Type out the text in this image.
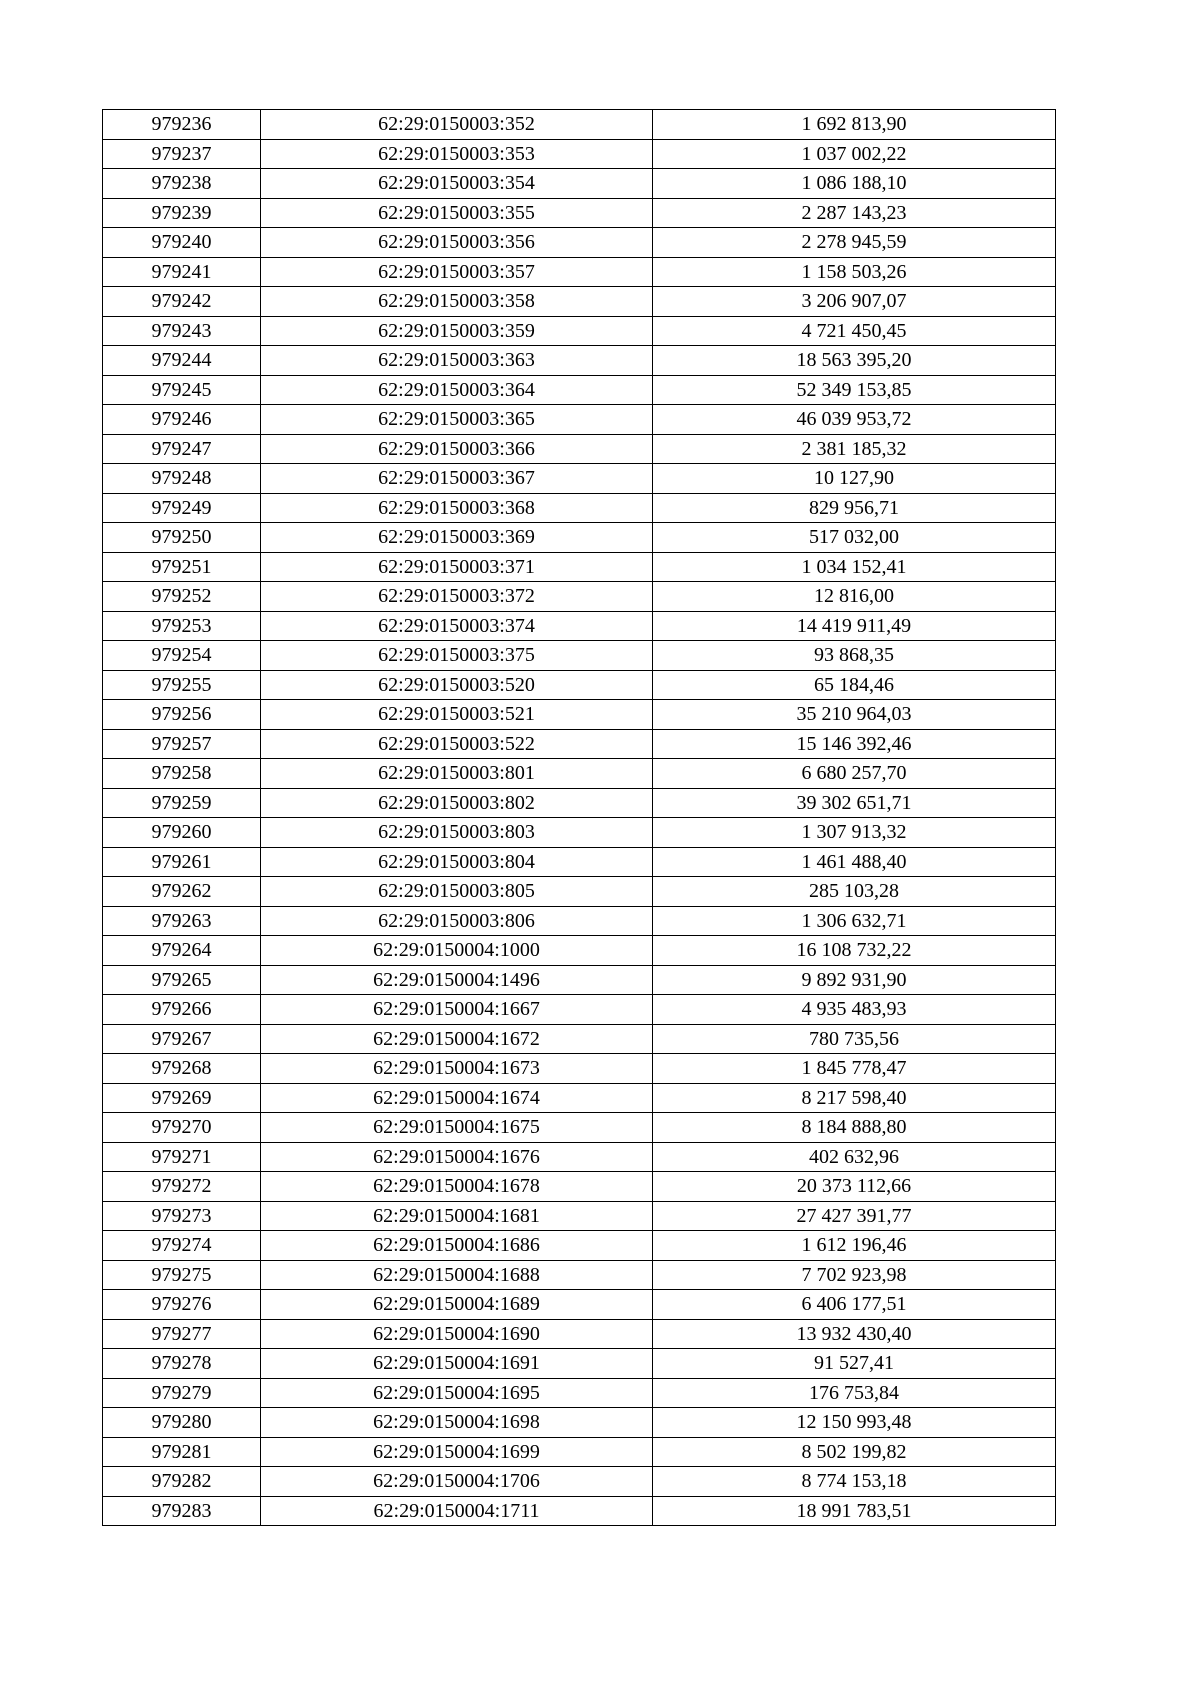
979236	62:29:0150003:352	1 692 813,90
979237	62:29:0150003:353	1 037 002,22
979238	62:29:0150003:354	1 086 188,10
979239	62:29:0150003:355	2 287 143,23
979240	62:29:0150003:356	2 278 945,59
979241	62:29:0150003:357	1 158 503,26
979242	62:29:0150003:358	3 206 907,07
979243	62:29:0150003:359	4 721 450,45
979244	62:29:0150003:363	18 563 395,20
979245	62:29:0150003:364	52 349 153,85
979246	62:29:0150003:365	46 039 953,72
979247	62:29:0150003:366	2 381 185,32
979248	62:29:0150003:367	10 127,90
979249	62:29:0150003:368	829 956,71
979250	62:29:0150003:369	517 032,00
979251	62:29:0150003:371	1 034 152,41
979252	62:29:0150003:372	12 816,00
979253	62:29:0150003:374	14 419 911,49
979254	62:29:0150003:375	93 868,35
979255	62:29:0150003:520	65 184,46
979256	62:29:0150003:521	35 210 964,03
979257	62:29:0150003:522	15 146 392,46
979258	62:29:0150003:801	6 680 257,70
979259	62:29:0150003:802	39 302 651,71
979260	62:29:0150003:803	1 307 913,32
979261	62:29:0150003:804	1 461 488,40
979262	62:29:0150003:805	285 103,28
979263	62:29:0150003:806	1 306 632,71
979264	62:29:0150004:1000	16 108 732,22
979265	62:29:0150004:1496	9 892 931,90
979266	62:29:0150004:1667	4 935 483,93
979267	62:29:0150004:1672	780 735,56
979268	62:29:0150004:1673	1 845 778,47
979269	62:29:0150004:1674	8 217 598,40
979270	62:29:0150004:1675	8 184 888,80
979271	62:29:0150004:1676	402 632,96
979272	62:29:0150004:1678	20 373 112,66
979273	62:29:0150004:1681	27 427 391,77
979274	62:29:0150004:1686	1 612 196,46
979275	62:29:0150004:1688	7 702 923,98
979276	62:29:0150004:1689	6 406 177,51
979277	62:29:0150004:1690	13 932 430,40
979278	62:29:0150004:1691	91 527,41
979279	62:29:0150004:1695	176 753,84
979280	62:29:0150004:1698	12 150 993,48
979281	62:29:0150004:1699	8 502 199,82
979282	62:29:0150004:1706	8 774 153,18
979283	62:29:0150004:1711	18 991 783,51
